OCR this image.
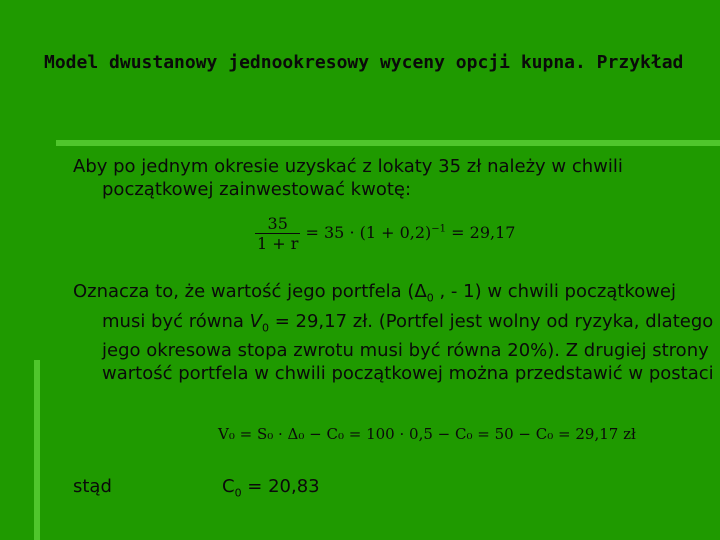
Model dwustanowy jednookresowy wyceny opcji kupna. Przykład
Aby po jednym okresie uzyskać z lokaty 35 zł należy w chwili początkowej zainwestować kwotę:
$\frac{35}{1 + r} = 35 \cdot (1 + 0,2)^{-1} = 29,17$
Oznacza to, że wartość jego portfela ($\Delta_0$ , - 1) w chwili początkowej musi być równa $V_0 = 29,17$ zł. (Portfel jest wolny od ryzyka, dlatego jego okresowa stopa zwrotu musi być równa 20%). Z drugiej strony wartość portfela w chwili początkowej można przedstawić w postaci
V₀ = S₀ · Δ₀ − C₀ = 100 · 0,5 − C₀ = 50 − C₀ = 29,17 zł
stąd	$C_0 = 20,83$
